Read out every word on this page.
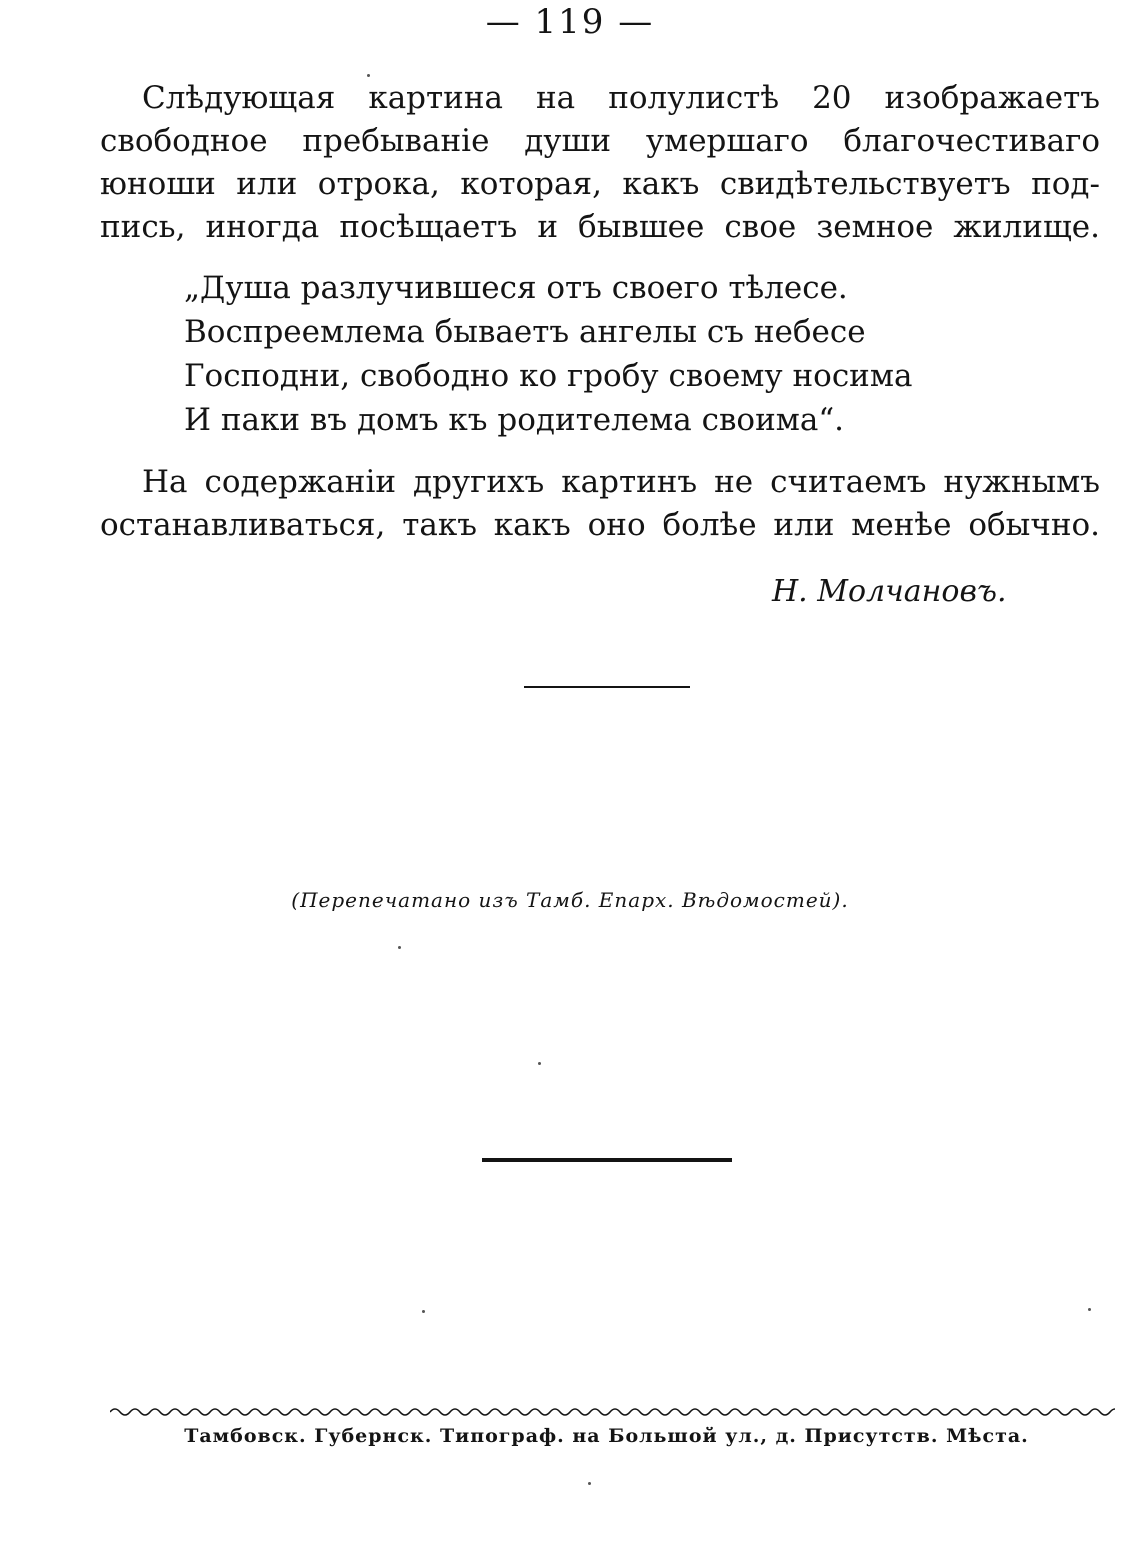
— 119 —
Слѣдующая картина на полулистѣ 20 изображаетъ
свободное пребываніе души умершаго благочестиваго
юноши или отрока, которая, какъ свидѣтельствуетъ под-
пись, иногда посѣщаетъ и бывшее свое земное жилище.
„Душа разлучившеся отъ своего тѣлесе.
Воспреемлема бываетъ ангелы съ небесе
Господни, свободно ко гробу своему носима
И паки въ домъ къ родителема своима“.
На содержаніи другихъ картинъ не считаемъ нужнымъ
останавливаться, такъ какъ оно болѣе или менѣе обычно.
Н. Молчановъ.
(Перепечатано изъ Тамб. Епарх. Вѣдомостей).
Тамбовск. Губернск. Типограф. на Большой ул., д. Присутств. Мѣста.
